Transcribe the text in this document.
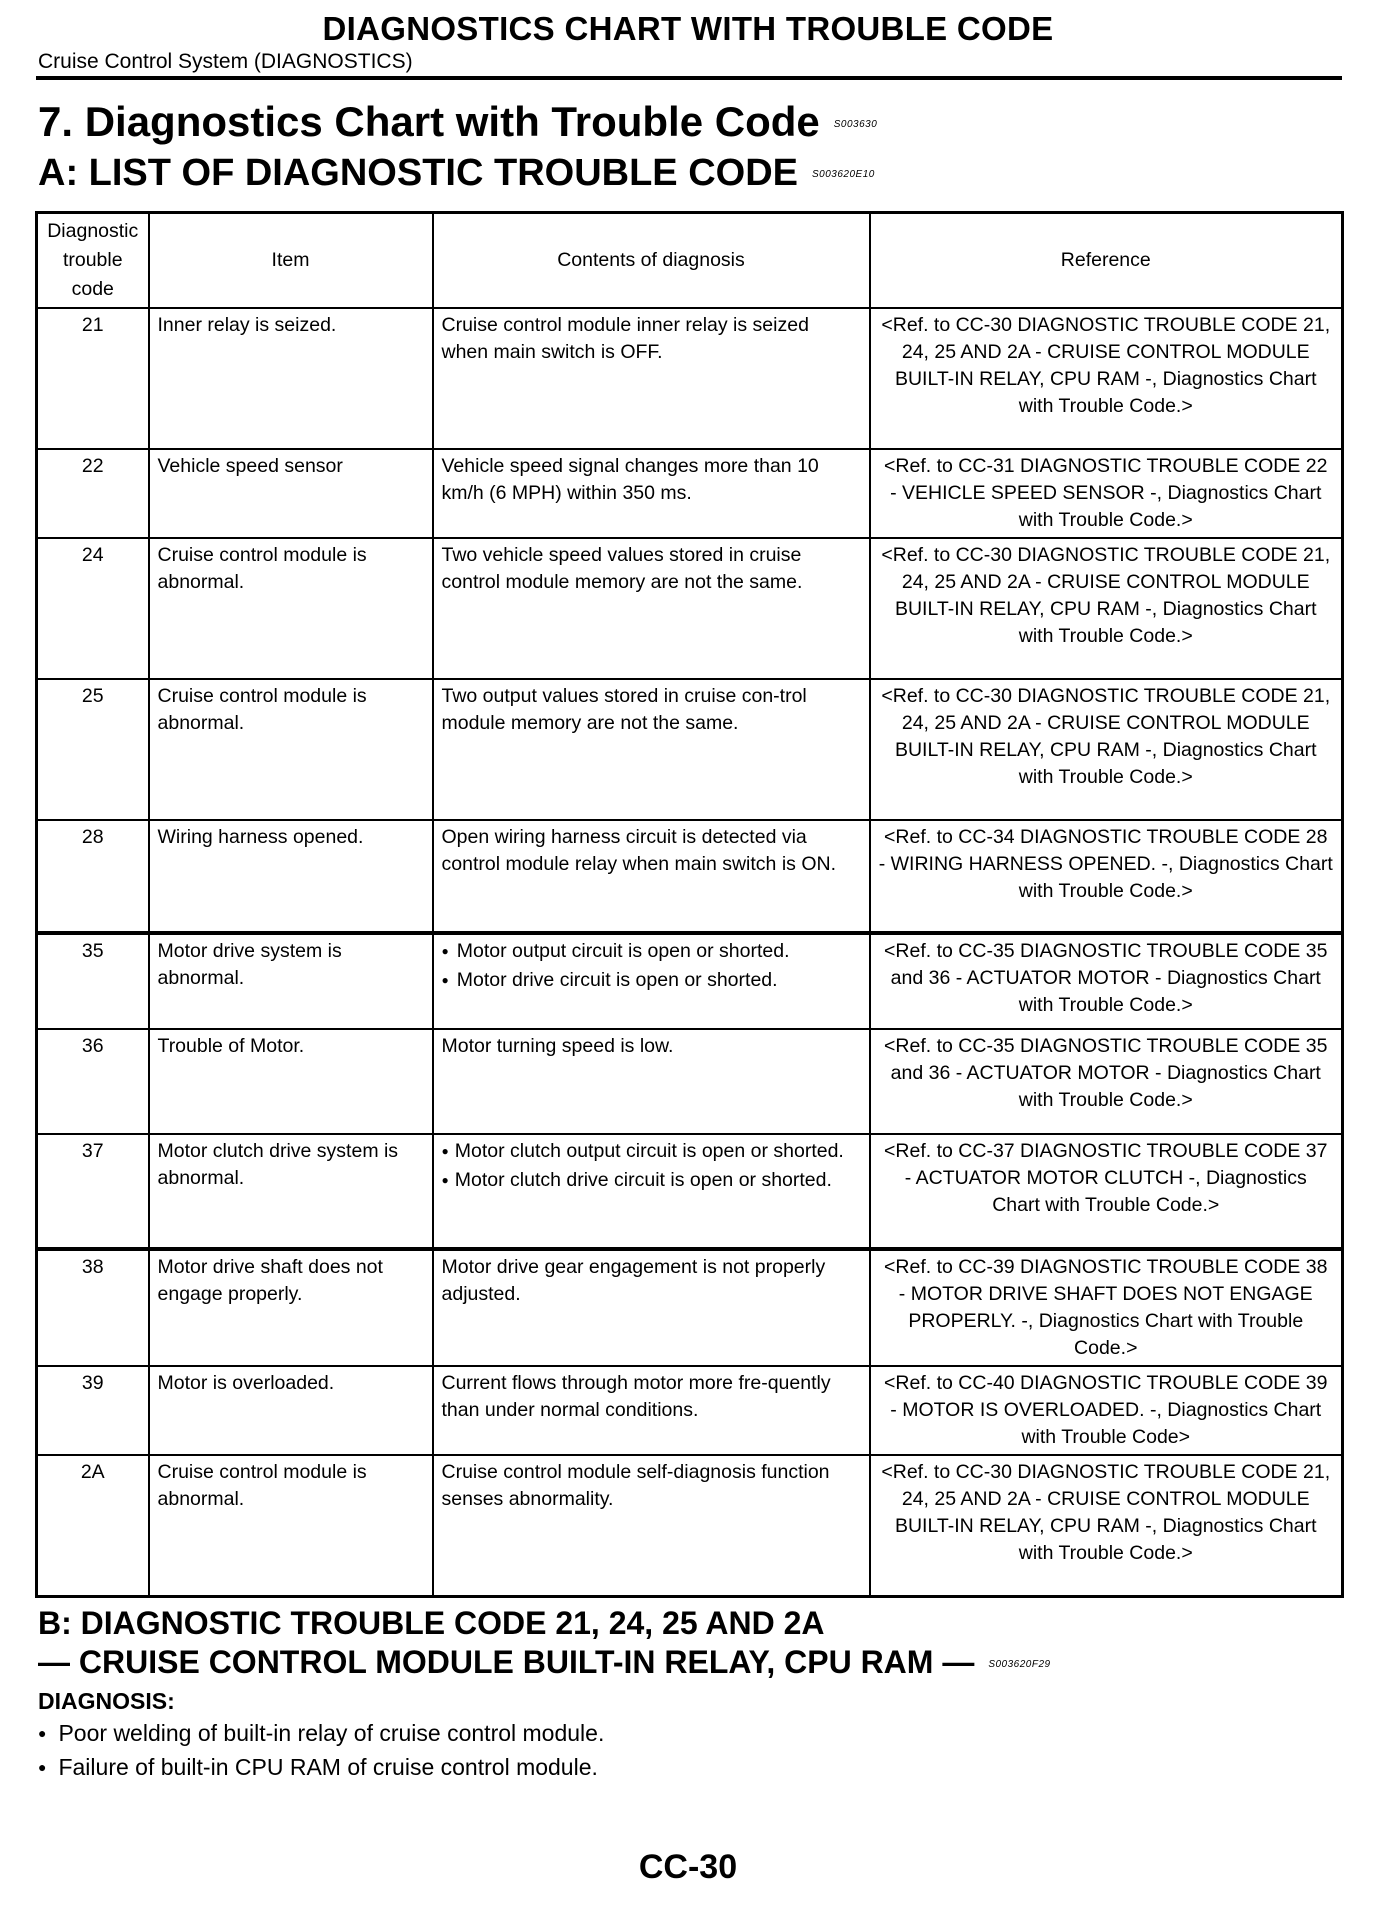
DIAGNOSTICS CHART WITH TROUBLE CODE
Cruise Control System (DIAGNOSTICS)
7. Diagnostics Chart with Trouble Code S003630
A: LIST OF DIAGNOSTIC TROUBLE CODE S003620E10
Diagnostic
trouble
code	Item	Contents of diagnosis	Reference
21	Inner relay is seized.	Cruise control module inner relay is seized when main switch is OFF.	<Ref. to CC-30 DIAGNOSTIC TROUBLE CODE 21, 24, 25 AND 2A - CRUISE CONTROL MODULE BUILT-IN RELAY, CPU RAM -, Diagnostics Chart with Trouble Code.>
22	Vehicle speed sensor	Vehicle speed signal changes more than 10 km/h (6 MPH) within 350 ms.	<Ref. to CC-31 DIAGNOSTIC TROUBLE CODE 22 - VEHICLE SPEED SENSOR -, Diagnostics Chart with Trouble Code.>
24	Cruise control module is abnormal.	Two vehicle speed values stored in cruise control module memory are not the same.	<Ref. to CC-30 DIAGNOSTIC TROUBLE CODE 21, 24, 25 AND 2A - CRUISE CONTROL MODULE BUILT-IN RELAY, CPU RAM -, Diagnostics Chart with Trouble Code.>
25	Cruise control module is abnormal.	Two output values stored in cruise con-trol module memory are not the same.	<Ref. to CC-30 DIAGNOSTIC TROUBLE CODE 21, 24, 25 AND 2A - CRUISE CONTROL MODULE BUILT-IN RELAY, CPU RAM -, Diagnostics Chart with Trouble Code.>
28	Wiring harness opened.	Open wiring harness circuit is detected via control module relay when main switch is ON.	<Ref. to CC-34 DIAGNOSTIC TROUBLE CODE 28 - WIRING HARNESS OPENED. -, Diagnostics Chart with Trouble Code.>
35	Motor drive system is abnormal.	● Motor output circuit is open or shorted.
● Motor drive circuit is open or shorted.	<Ref. to CC-35 DIAGNOSTIC TROUBLE CODE 35 and 36 - ACTUATOR MOTOR - Diagnostics Chart with Trouble Code.>
36	Trouble of Motor.	Motor turning speed is low.	<Ref. to CC-35 DIAGNOSTIC TROUBLE CODE 35 and 36 - ACTUATOR MOTOR - Diagnostics Chart with Trouble Code.>
37	Motor clutch drive system is abnormal.	● Motor clutch output circuit is open or shorted.
● Motor clutch drive circuit is open or shorted.	<Ref. to CC-37 DIAGNOSTIC TROUBLE CODE 37 - ACTUATOR MOTOR CLUTCH -, Diagnostics Chart with Trouble Code.>
38	Motor drive shaft does not engage properly.	Motor drive gear engagement is not properly adjusted.	<Ref. to CC-39 DIAGNOSTIC TROUBLE CODE 38 - MOTOR DRIVE SHAFT DOES NOT ENGAGE PROPERLY. -, Diagnostics Chart with Trouble Code.>
39	Motor is overloaded.	Current flows through motor more fre-quently than under normal conditions.	<Ref. to CC-40 DIAGNOSTIC TROUBLE CODE 39 - MOTOR IS OVERLOADED. -, Diagnostics Chart with Trouble Code>
2A	Cruise control module is abnormal.	Cruise control module self-diagnosis function senses abnormality.	<Ref. to CC-30 DIAGNOSTIC TROUBLE CODE 21, 24, 25 AND 2A - CRUISE CONTROL MODULE BUILT-IN RELAY, CPU RAM -, Diagnostics Chart with Trouble Code.>
B: DIAGNOSTIC TROUBLE CODE 21, 24, 25 AND 2A
— CRUISE CONTROL MODULE BUILT-IN RELAY, CPU RAM — S003620F29
DIAGNOSIS:
● Poor welding of built-in relay of cruise control module.
● Failure of built-in CPU RAM of cruise control module.
CC-30
